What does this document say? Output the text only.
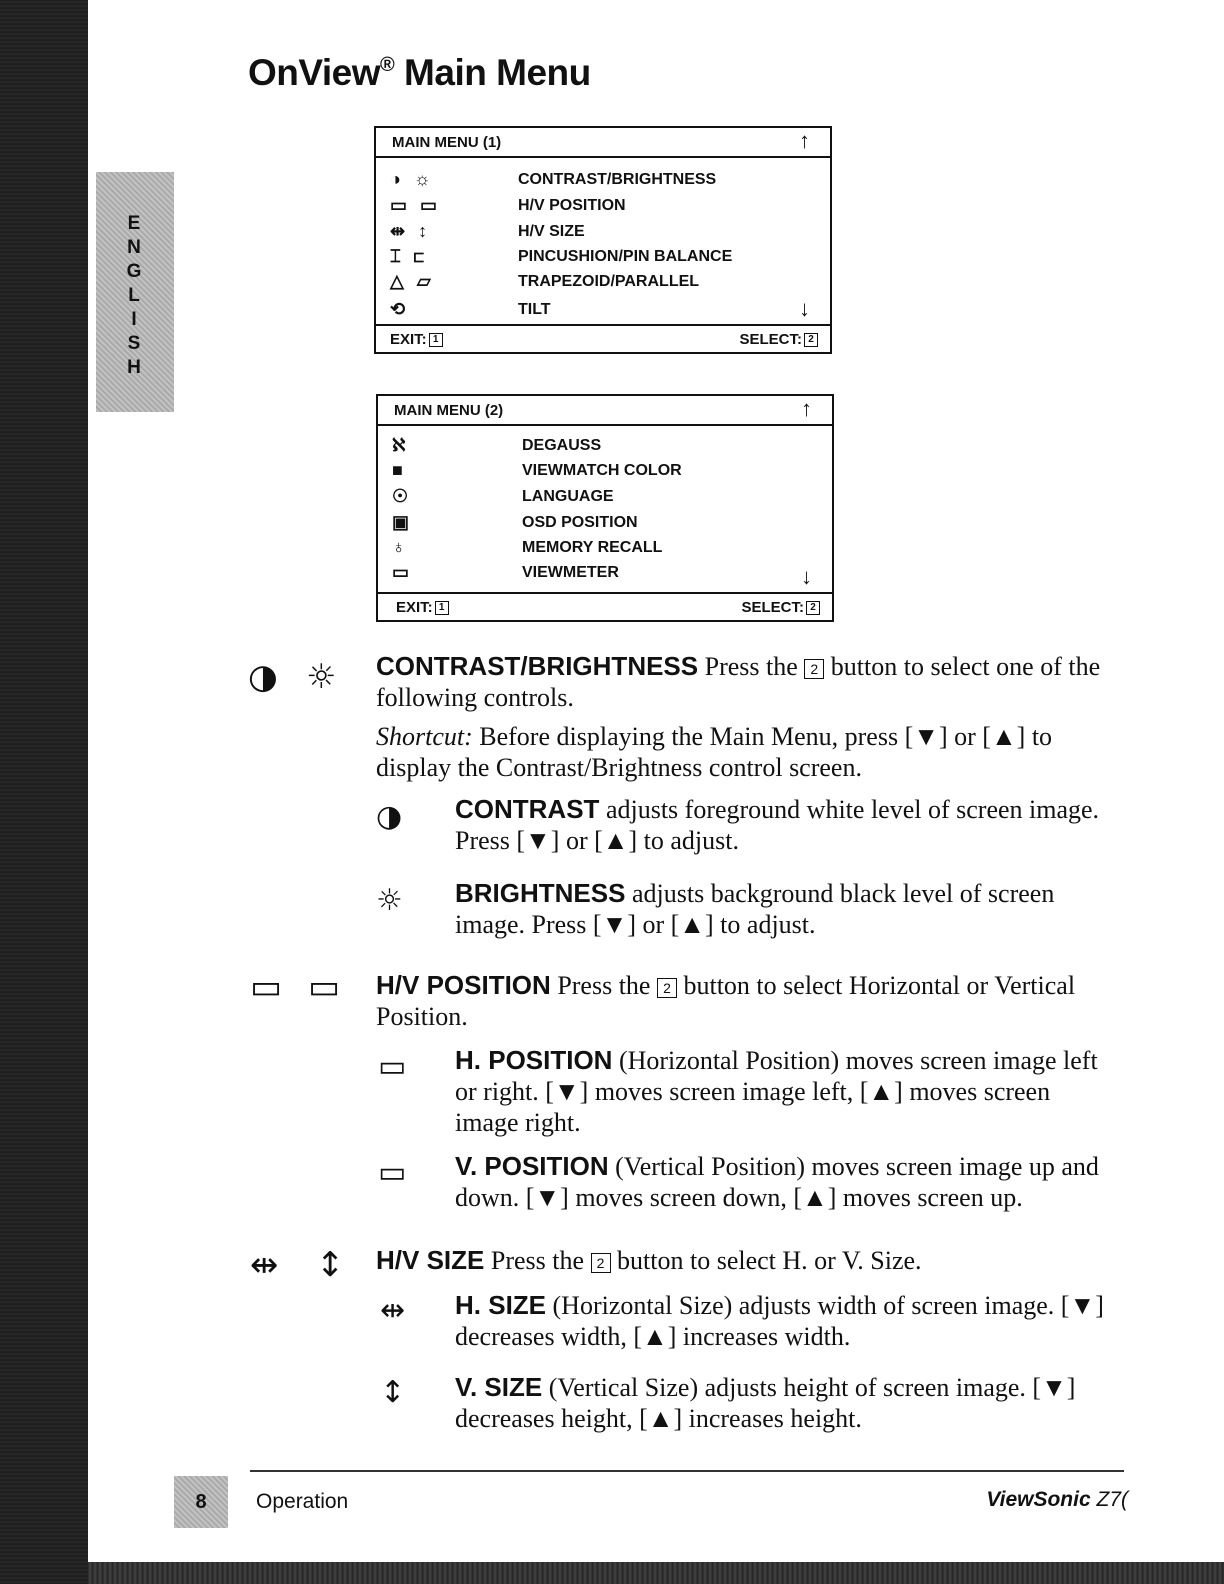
E
N
G
L
I
S
H
OnView® Main Menu
MAIN MENU (1)	↑
◑ ☼	CONTRAST/BRIGHTNESS
▭ ▭	H/V POSITION
⇹ ↕	H/V SIZE
⌶ ⊏	PINCUSHION/PIN BALANCE
△ ▱	TRAPEZOID/PARALLEL
⟲	TILT	↓
EXIT: 1	SELECT: 2
MAIN MENU (2)	↑
ℵ	DEGAUSS
■	VIEWMATCH COLOR
☉	LANGUAGE
▣	OSD POSITION
♁	MEMORY RECALL
▭	VIEWMETER	↓
EXIT: 1	SELECT: 2
◑ ☼ CONTRAST/BRIGHTNESS Press the 2 button to select one of the following controls.
Shortcut: Before displaying the Main Menu, press [▼] or [▲] to display the Contrast/Brightness control screen.
◑ CONTRAST adjusts foreground white level of screen image. Press [▼] or [▲] to adjust.
☼ BRIGHTNESS adjusts background black level of screen image. Press [▼] or [▲] to adjust.
▭ ▭ H/V POSITION Press the 2 button to select Horizontal or Vertical Position.
▭ H. POSITION (Horizontal Position) moves screen image left or right. [▼] moves screen image left, [▲] moves screen image right.
▭ V. POSITION (Vertical Position) moves screen image up and down. [▼] moves screen down, [▲] moves screen up.
⇹ ↕ H/V SIZE Press the 2 button to select H. or V. Size.
⇹ H. SIZE (Horizontal Size) adjusts width of screen image. [▼] decreases width, [▲] increases width.
↕ V. SIZE (Vertical Size) adjusts height of screen image. [▼] decreases height, [▲] increases height.
8	Operation	ViewSonic Z7(
